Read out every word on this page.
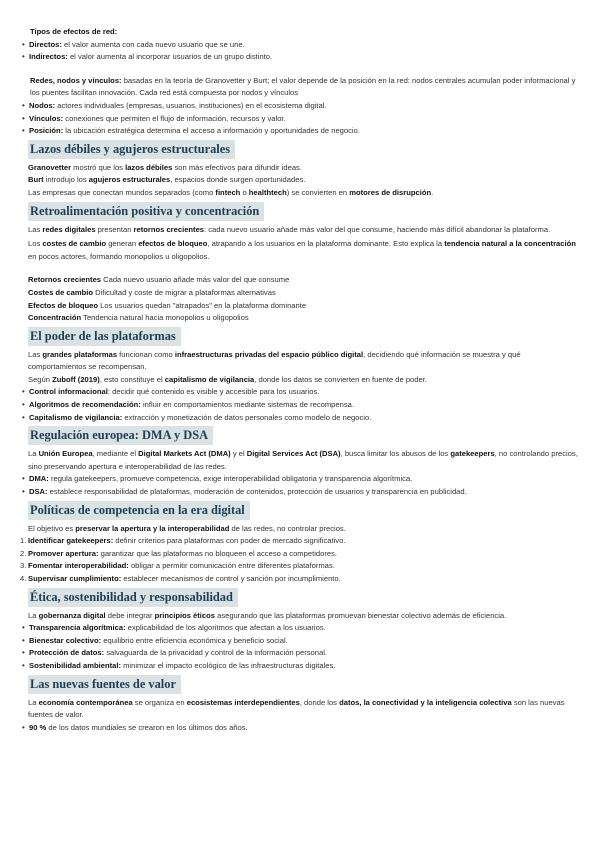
Tipos de efectos de red:

• Directos: el valor aumenta con cada nuevo usuario que se une.

• Indirectos: el valor aumenta al incorporar usuarios de un grupo distinto.

Redes, nodos y vínculos: basadas en la teoría de Granovetter y Burt; el valor depende de la posición en la red: nodos centrales acumulan poder informacional y los puentes facilitan innovación. Cada red está compuesta por nodos y vínculos

• Nodos: actores individuales (empresas, usuarios, instituciones) en el ecosistema digital.

• Vínculos: conexiones que permiten el flujo de información, recursos y valor.

• Posición: la ubicación estratégica determina el acceso a información y oportunidades de negocio.

Lazos débiles y agujeros estructurales

Granovetter mostró que los lazos débiles son más efectivos para difundir ideas.

Burt introdujo los agujeros estructurales, espacios donde surgen oportunidades.

Las empresas que conectan mundos separados (como fintech o healthtech) se convierten en motores de disrupción.

Retroalimentación positiva y concentración

Las redes digitales presentan retornos crecientes: cada nuevo usuario añade más valor del que consume, haciendo más difícil abandonar la plataforma.

Los costes de cambio generan efectos de bloqueo, atrapando a los usuarios en la plataforma dominante. Esto explica la tendencia natural a la concentración en pocos actores, formando monopolios u oligopolios.

Retornos crecientes Cada nuevo usuario añade más valor del que consume

Costes de cambio Dificultad y coste de migrar a plataformas alternativas

Efectos de bloqueo Los usuarios quedan "atrapados" en la plataforma dominante

Concentración Tendencia natural hacia monopolios u oligopolios

El poder de las plataformas

Las grandes plataformas funcionan como infraestructuras privadas del espacio público digital, decidiendo qué información se muestra y qué comportamientos se recompensan.

Según Zuboff (2019), esto constituye el capitalismo de vigilancia, donde los datos se convierten en fuente de poder.

• Control informacional: decidir qué contenido es visible y accesible para los usuarios.

• Algoritmos de recomendación: influir en comportamientos mediante sistemas de recompensa.

• Capitalismo de vigilancia: extracción y monetización de datos personales como modelo de negocio.

Regulación europea: DMA y DSA

La Unión Europea, mediante el Digital Markets Act (DMA) y el Digital Services Act (DSA), busca limitar los abusos de los gatekeepers, no controlando precios, sino preservando apertura e interoperabilidad de las redes.

• DMA: regula gatekeepers, promueve competencia, exige interoperabilidad obligatoria y transparencia algorítmica.

• DSA: establece responsabilidad de plataformas, moderación de contenidos, protección de usuarios y transparencia en publicidad.

Políticas de competencia en la era digital

El objetivo es preservar la apertura y la interoperabilidad de las redes, no controlar precios.

1. Identificar gatekeepers: definir criterios para plataformas con poder de mercado significativo.

2. Promover apertura: garantizar que las plataformas no bloqueen el acceso a competidores.

3. Fomentar interoperabilidad: obligar a permitir comunicación entre diferentes plataformas.

4. Supervisar cumplimiento: establecer mecanismos de control y sanción por incumplimiento.

Ética, sostenibilidad y responsabilidad

La gobernanza digital debe integrar principios éticos asegurando que las plataformas promuevan bienestar colectivo además de eficiencia.

• Transparencia algorítmica: explicabilidad de los algoritmos que afectan a los usuarios.

• Bienestar colectivo: equilibrio entre eficiencia económica y beneficio social.

• Protección de datos: salvaguarda de la privacidad y control de la información personal.

• Sostenibilidad ambiental: minimizar el impacto ecológico de las infraestructuras digitales.

Las nuevas fuentes de valor

La economía contemporánea se organiza en ecosistemas interdependientes, donde los datos, la conectividad y la inteligencia colectiva son las nuevas fuentes de valor.

• 90 % de los datos mundiales se crearon en los últimos dos años.
